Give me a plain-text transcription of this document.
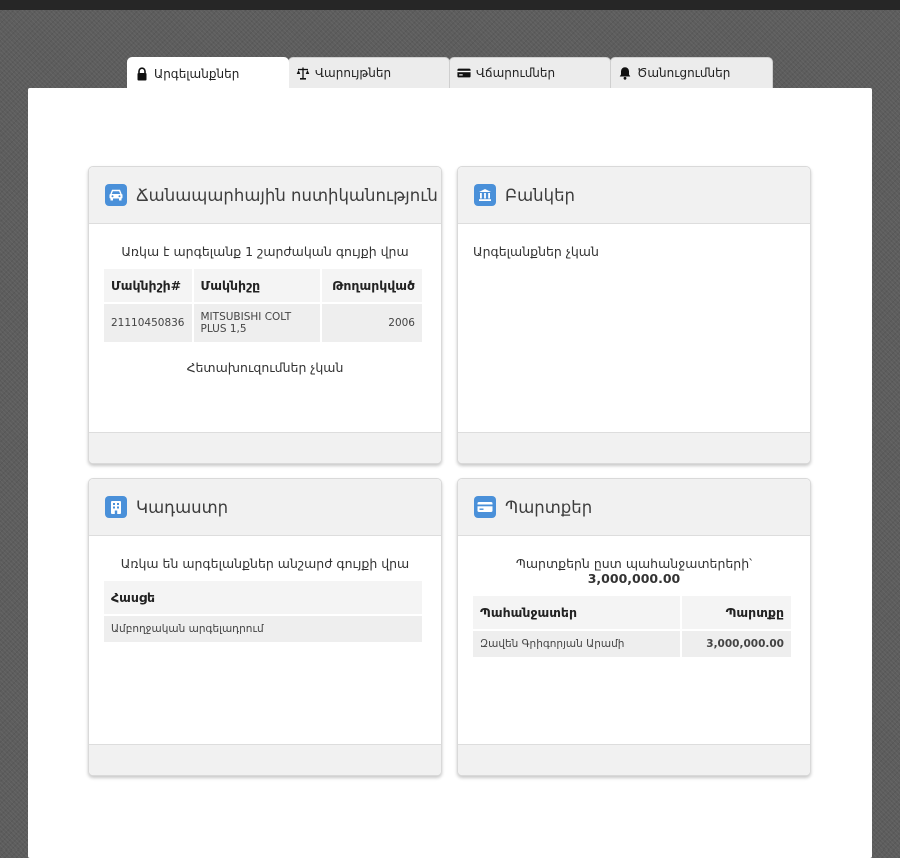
Արգելանքներ	Վարույթներ	Վճարումներ	Ծանուցումներ
Ճանապարհային ոստիկանություն
Առկա է արգելանք 1 շարժական գույքի վրա
Մակնիշի#	Մակնիշը	Թողարկված
21110450836	MITSUBISHI COLT PLUS 1,5	2006
Հետախուզումներ չկան
Բանկեր
Արգելանքներ չկան
Կադաստր
Առկա են արգելանքներ անշարժ գույքի վրա
Հասցե
Ամբողջական արգելադրում
Պարտքեր
Պարտքերն ըստ պահանջատերերի՝ 3,000,000.00
Պահանջատեր	Պարտքը
Զավեն Գրիգորյան Արամի	3,000,000.00
